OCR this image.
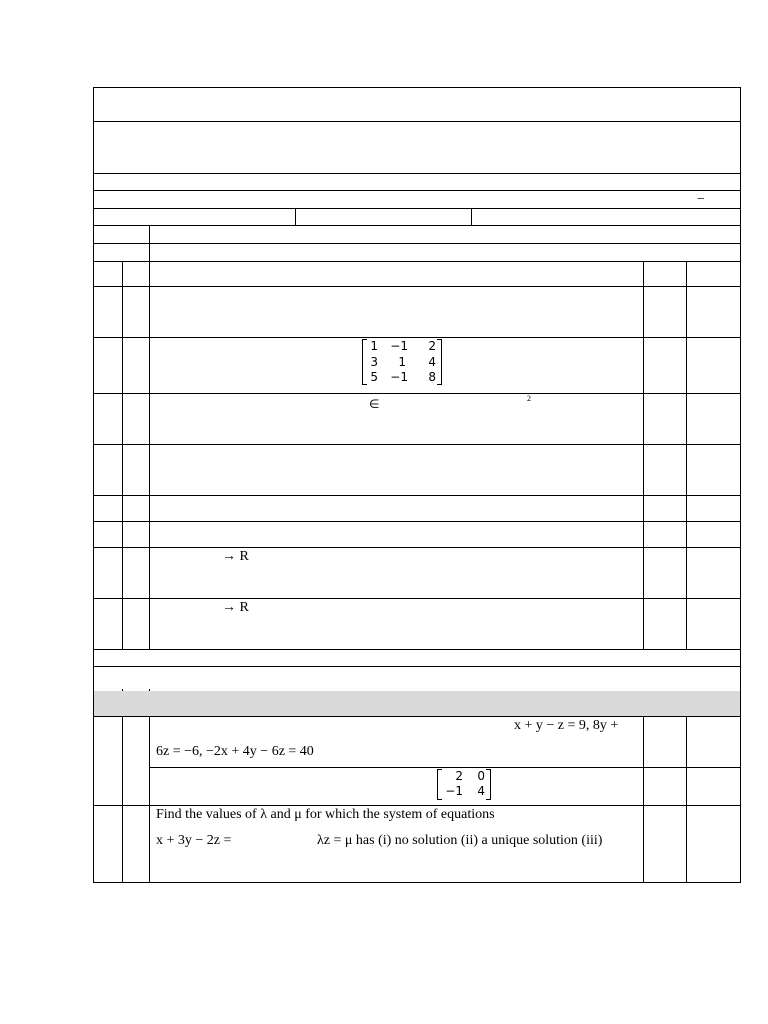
−
1	−1	2
3	1	4
5	−1	8
∈	2
→ R
→ R
x + y − z = 9, 8y +
6z = −6, −2x + 4y − 6z = 40
2	0
−1	4
Find the values of λ and μ for which the system of equations
x + 3y − 2z =	λz = μ has (i) no solution (ii) a unique solution (iii)
